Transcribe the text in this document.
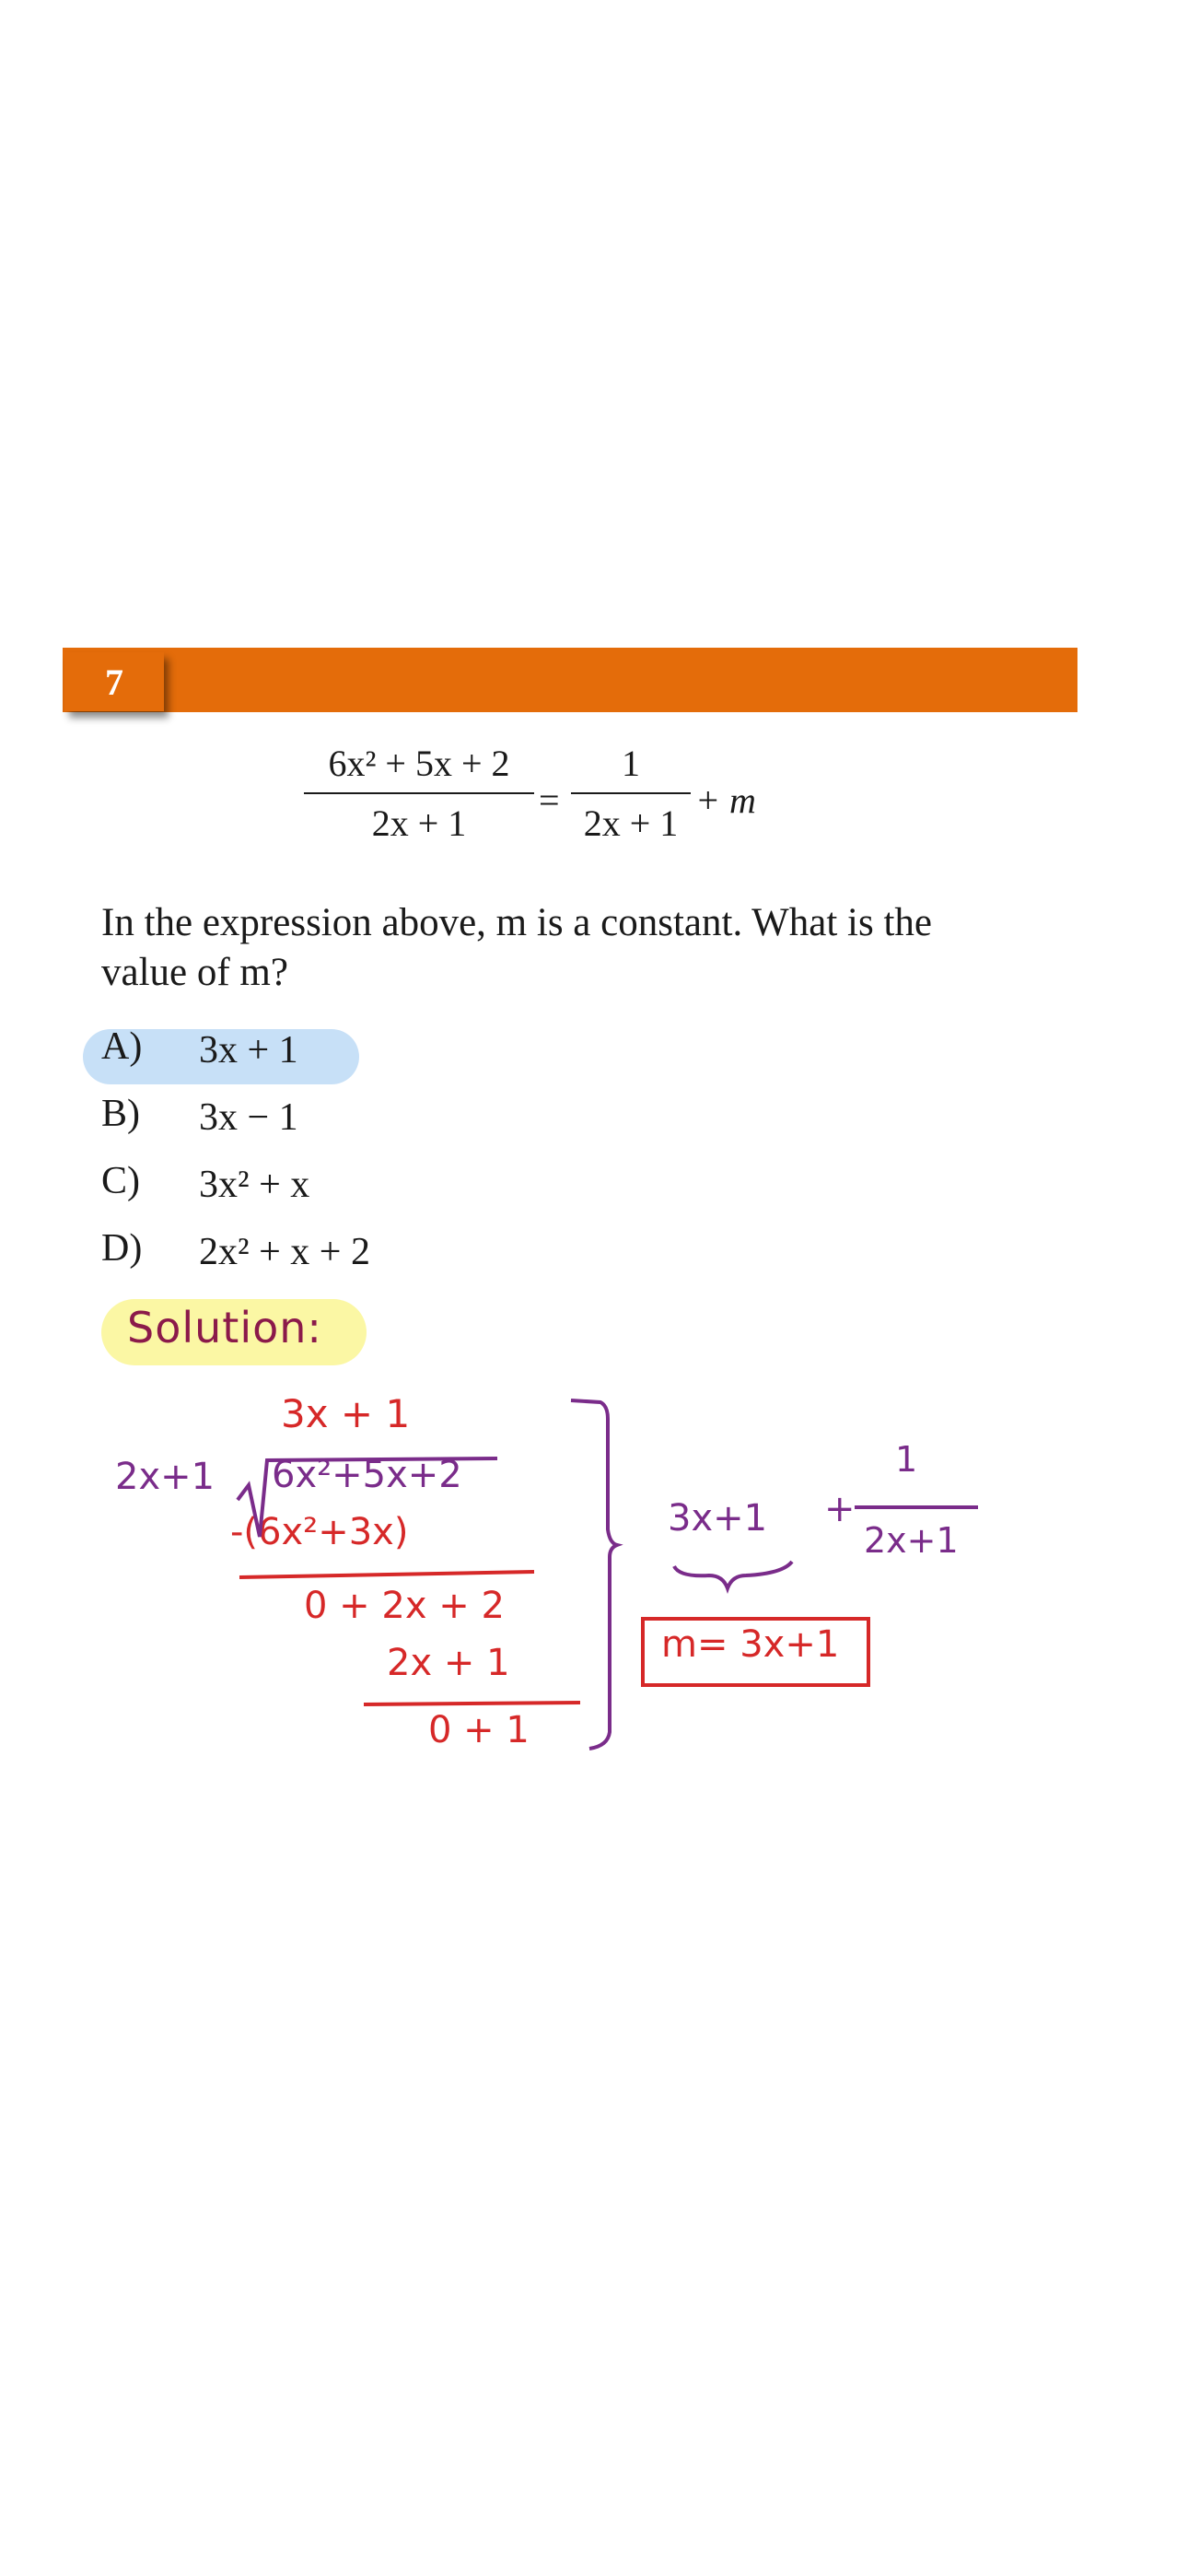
7
6x² + 5x + 2
2x + 1
=
1
2x + 1
+ m
In the expression above, m is a constant. What is the value of m?
A) 3x + 1
B) 3x − 1
C) 3x² + x
D) 2x² + x + 2
Solution:
3x + 1
2x+1 6x²+5x+2
-(6x²+3x)
0 + 2x + 2
2x + 1
0 + 1
3x+1 +
1
2x+1
m= 3x+1
